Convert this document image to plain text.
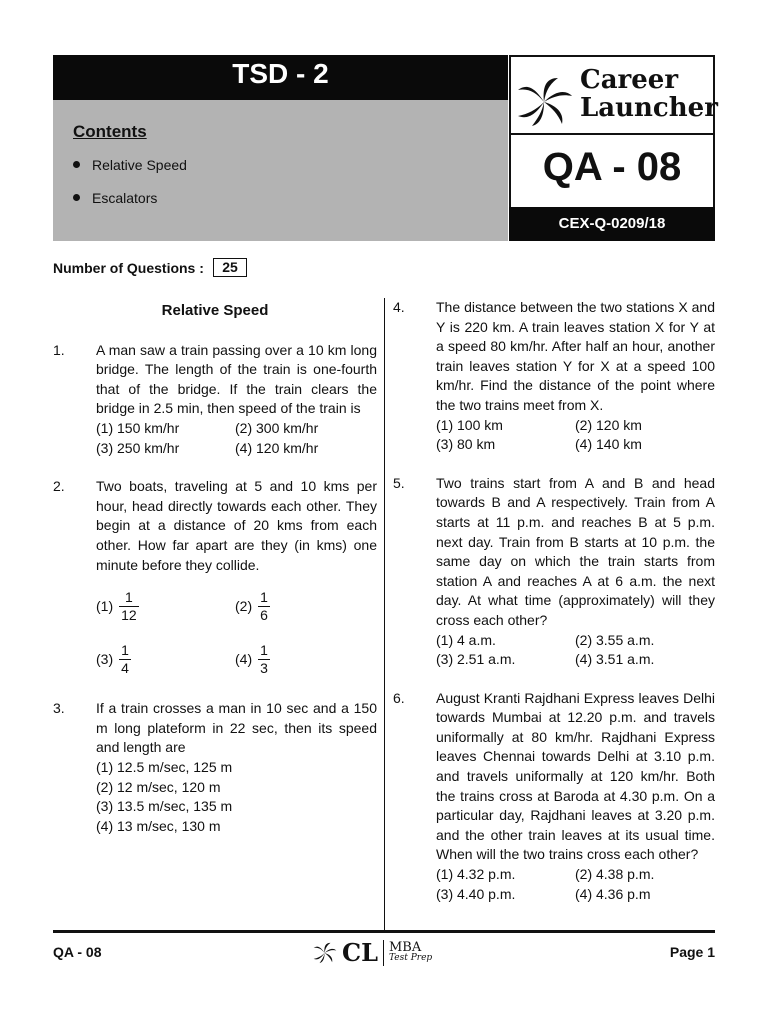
TSD - 2
Contents
Relative Speed
Escalators
Career
Launcher
QA - 08
CEX-Q-0209/18
Number of Questions :	25
Relative Speed
1.	A man saw a train passing over a 10 km long bridge. The length of the train is one-fourth that of the bridge. If the train clears the bridge in 2.5 min, then speed of the train is
(1) 150 km/hr	(2) 300 km/hr
(3) 250 km/hr	(4) 120 km/hr
2.	Two boats, traveling at 5 and 10 kms per hour, head directly towards each other. They begin at a distance of 20 kms from each other. How far apart are they (in kms) one minute before they collide.
$(1) \frac{1}{12}$	$(2) \frac{1}{6}$
$(3) \frac{1}{4}$	$(4) \frac{1}{3}$
3.	If a train crosses a man in 10 sec and a 150 m long plateform in 22 sec, then its speed and length are
(1) 12.5 m/sec, 125 m
(2) 12 m/sec, 120 m
(3) 13.5 m/sec, 135 m
(4) 13 m/sec, 130 m
4.	The distance between the two stations X and Y is 220 km. A train leaves station X for Y at a speed 80 km/hr. After half an hour, another train leaves station Y for X at a speed 100 km/hr. Find the distance of the point where the two trains meet from X.
(1) 100 km	(2) 120 km
(3) 80 km	(4) 140 km
5.	Two trains start from A and B and head towards B and A respectively. Train from A starts at 11 p.m. and reaches B at 5 p.m. next day. Train from B starts at 10 p.m. the same day on which the train starts from station A and reaches A at 6 a.m. the next day. At what time (approximately) will they cross each other?
(1) 4 a.m.	(2) 3.55 a.m.
(3) 2.51 a.m.	(4) 3.51 a.m.
6.	August Kranti Rajdhani Express leaves Delhi towards Mumbai at 12.20 p.m. and travels uniformally at 80 km/hr. Rajdhani Express leaves Chennai towards Delhi at 3.10 p.m. and travels uniformally at 120 km/hr. Both the trains cross at Baroda at 4.30 p.m. On a particular day, Rajdhani leaves at 3.20 p.m. and the other train leaves at its usual time. When will the two trains cross each other?
(1) 4.32 p.m.	(2) 4.38 p.m.
(3) 4.40 p.m.	(4) 4.36 p.m
QA - 08	CL MBA
Test Prep	Page 1
